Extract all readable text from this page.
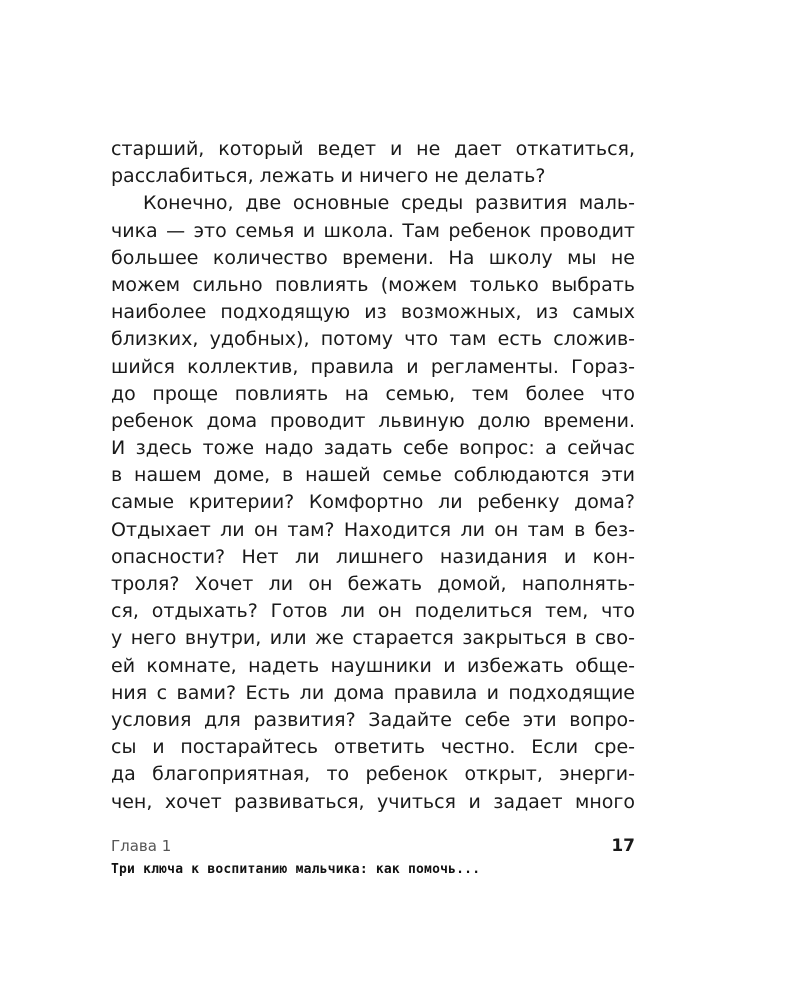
старший, который ведет и не дает откатиться,
расслабиться, лежать и ничего не делать?
Конечно, две основные среды развития маль-
чика — это семья и школа. Там ребенок проводит
большее количество времени. На школу мы не
можем сильно повлиять (можем только выбрать
наиболее подходящую из возможных, из самых
близких, удобных), потому что там есть сложив-
шийся коллектив, правила и регламенты. Гораз-
до проще повлиять на семью, тем более что
ребенок дома проводит львиную долю времени.
И здесь тоже надо задать себе вопрос: а сейчас
в нашем доме, в нашей семье соблюдаются эти
самые критерии? Комфортно ли ребенку дома?
Отдыхает ли он там? Находится ли он там в без-
опасности? Нет ли лишнего назидания и кон-
троля? Хочет ли он бежать домой, наполнять-
ся, отдыхать? Готов ли он поделиться тем, что
у него внутри, или же старается закрыться в сво-
ей комнате, надеть наушники и избежать обще-
ния с вами? Есть ли дома правила и подходящие
условия для развития? Задайте себе эти вопро-
сы и постарайтесь ответить честно. Если сре-
да благоприятная, то ребенок открыт, энерги-
чен, хочет развиваться, учиться и задает много
Глава 1	17
Три ключа к воспитанию мальчика: как помочь...
